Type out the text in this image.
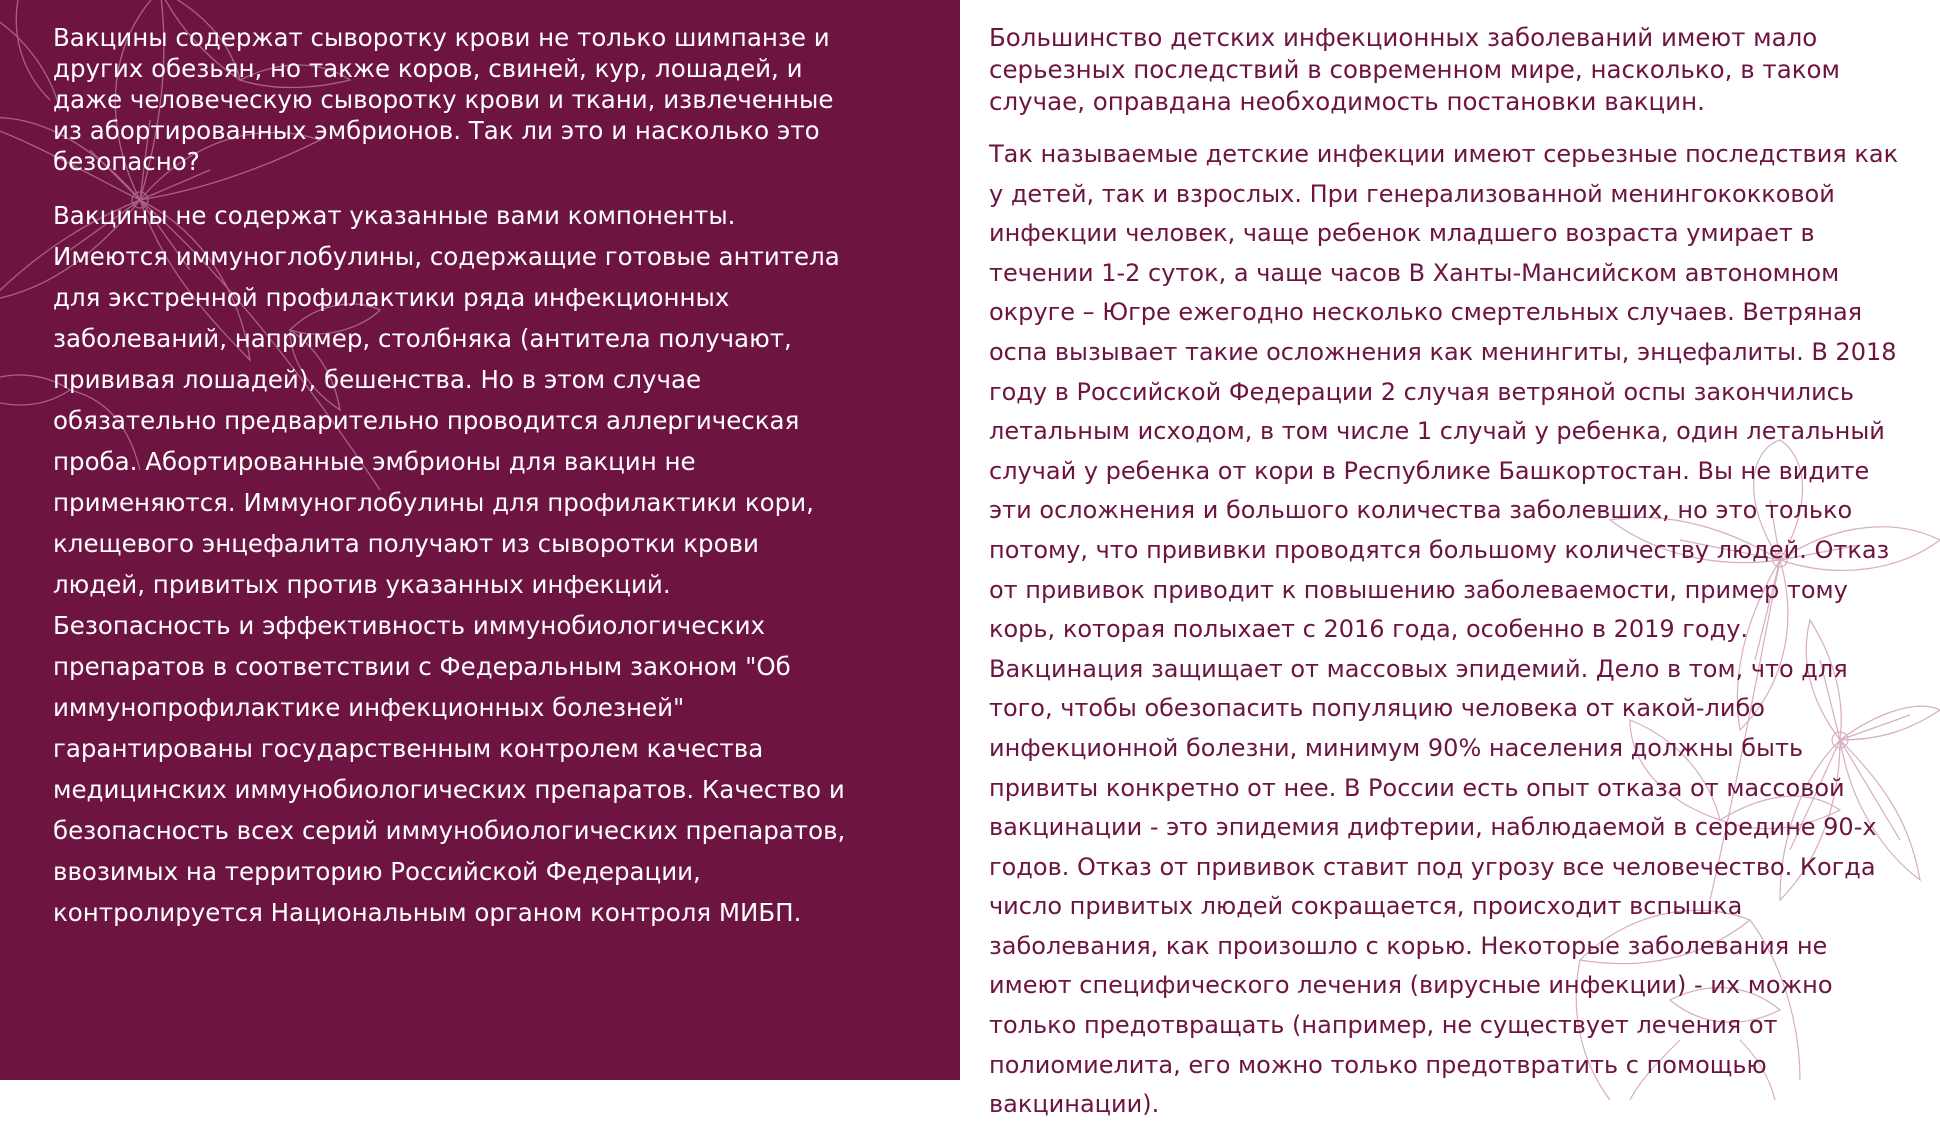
Вакцины содержат сыворотку крови не только шимпанзе и других обезьян, но также коров, свиней, кур, лошадей, и даже человеческую сыворотку крови и ткани, извлеченные из абортированных эмбрионов. Так ли это и насколько это безопасно?

Вакцины не содержат указанные вами компоненты. Имеются иммуноглобулины, содержащие готовые антитела для экстренной профилактики ряда инфекционных заболеваний, например, столбняка (антитела получают, прививая лошадей), бешенства. Но в этом случае обязательно предварительно проводится аллергическая проба. Абортированные эмбрионы для вакцин не применяются. Иммуноглобулины для профилактики кори, клещевого энцефалита получают из сыворотки крови людей, привитых против указанных инфекций. Безопасность и эффективность иммунобиологических препаратов в соответствии с Федеральным законом "Об иммунопрофилактике инфекционных болезней" гарантированы государственным контролем качества медицинских иммунобиологических препаратов. Качество и безопасность всех серий иммунобиологических препаратов, ввозимых на территорию Российской Федерации, контролируется Национальным органом контроля МИБП.

Большинство детских инфекционных заболеваний имеют мало серьезных последствий в современном мире, насколько, в таком случае, оправдана необходимость постановки вакцин.

Так называемые детские инфекции имеют серьезные последствия как у детей, так и взрослых. При генерализованной менингококковой инфекции человек, чаще ребенок младшего возраста умирает в течении 1-2 суток, а чаще часов В Ханты-Мансийском автономном округе – Югре ежегодно несколько смертельных случаев. Ветряная оспа вызывает такие осложнения как менингиты, энцефалиты. В 2018 году в Российской Федерации 2 случая ветряной оспы закончились летальным исходом, в том числе 1 случай у ребенка, один летальный случай у ребенка от кори в Республике Башкортостан. Вы не видите эти осложнения и большого количества заболевших, но это только потому, что прививки проводятся большому количеству людей. Отказ от прививок приводит к повышению заболеваемости, пример тому корь, которая полыхает с 2016 года, особенно в 2019 году. Вакцинация защищает от массовых эпидемий. Дело в том, что для того, чтобы обезопасить популяцию человека от какой-либо инфекционной болезни, минимум 90% населения должны быть привиты конкретно от нее. В России есть опыт отказа от массовой вакцинации - это эпидемия дифтерии, наблюдаемой в середине 90-х годов. Отказ от прививок ставит под угрозу все человечество. Когда число привитых людей сокращается, происходит вспышка заболевания, как произошло с корью. Некоторые заболевания не имеют специфического лечения (вирусные инфекции) - их можно только предотвращать (например, не существует лечения от полиомиелита, его можно только предотвратить с помощью вакцинации).
